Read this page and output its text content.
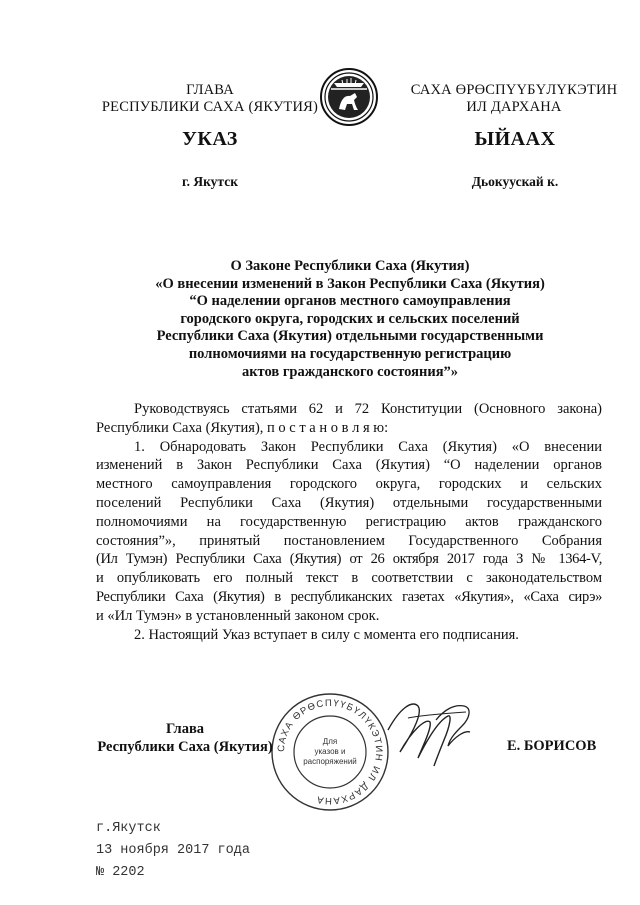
ГЛАВА
РЕСПУБЛИКИ САХА (ЯКУТИЯ)
САХА ӨРӨСПҮҮБҮЛҮКЭТИН
ИЛ ДАРХАНА
УКАЗ	ЫЙААХ
г. Якутск	Дьокуускай к.
О Законе Республики Саха (Якутия)
«О внесении изменений в Закон Республики Саха (Якутия)
“О наделении органов местного самоуправления
городского округа, городских и сельских поселений
Республики Саха (Якутия) отдельными государственными
полномочиями на государственную регистрацию
актов гражданского состояния”»
Руководствуясь статьями 62 и 72 Конституции (Основного закона)
Республики Саха (Якутия), п о с т а н о в л я ю:
1. Обнародовать Закон Республики Саха (Якутия) «О внесении
изменений в Закон Республики Саха (Якутия) “О наделении органов
местного самоуправления городского округа, городских и сельских
поселений Республики Саха (Якутия) отдельными государственными
полномочиями на государственную регистрацию актов гражданского
состояния”», принятый постановлением Государственного Собрания
(Ил Тумэн) Республики Саха (Якутия) от 26 октября 2017 года З № 1364-V,
и опубликовать его полный текст в соответствии с законодательством
Республики Саха (Якутия) в республиканских газетах «Якутия», «Саха сирэ»
и «Ил Тумэн» в установленный законом срок.
2. Настоящий Указ вступает в силу с момента его подписания.
САХА ӨРӨСПҮҮБҮЛҮКЭТИН ИЛ ДАРХАНА
Для
указов и
распоряжений
Глава
Республики Саха (Якутия)	Е. БОРИСОВ
г.Якутск
13 ноября 2017 года
№ 2202
